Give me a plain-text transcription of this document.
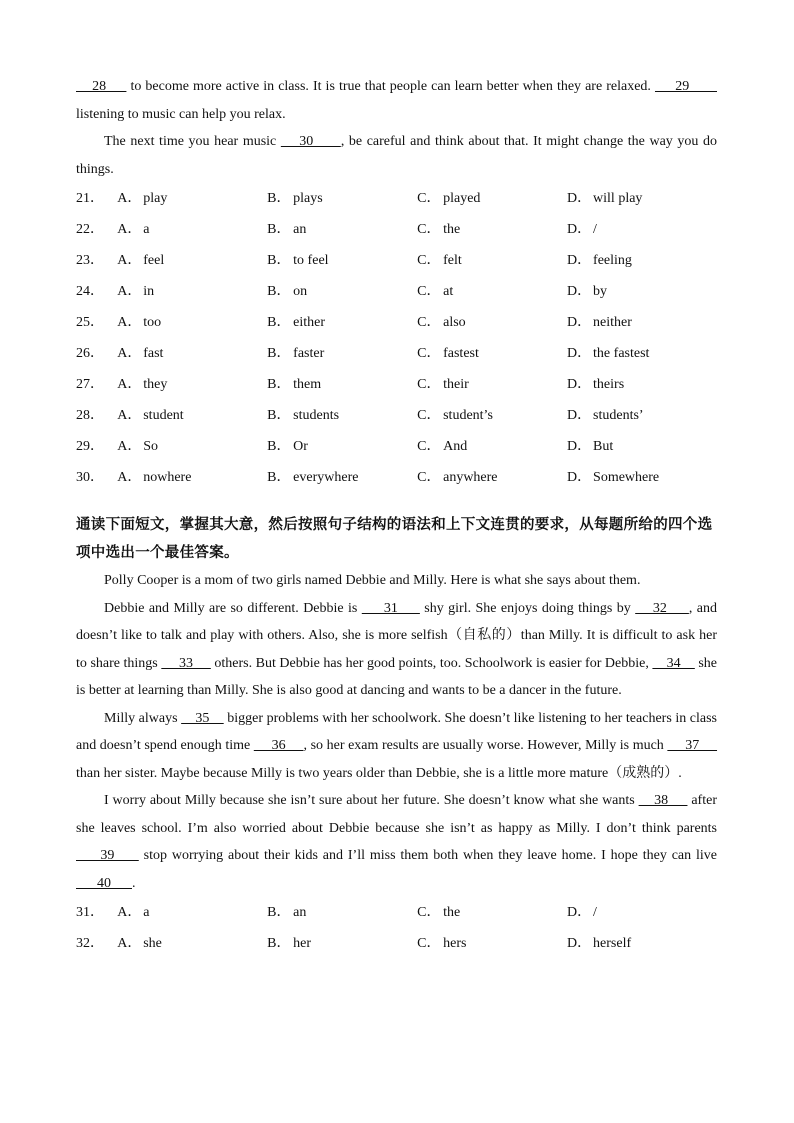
28      to become more active in class. It is true that people can learn better when they are relaxed.      29        listening to music can help you relax.

The next time you hear music     30      , be careful and think about that. It might change the way you do things.

21． A． play	B． plays	C． played	D． will play
22． A． a	B． an	C． the	D． /
23． A． feel	B． to feel	C． felt	D． feeling
24． A． in	B． on	C． at	D． by
25． A． too	B． either	C． also	D． neither
26． A． fast	B． faster	C． fastest	D． the fastest
27． A． they	B． them	C． their	D． theirs
28． A． student	B． students	C． student’s	D． students’
29． A． So	B． Or	C． And	D． But
30． A． nowhere	B． everywhere	C． anywhere	D． Somewhere

通读下面短文，掌握其大意，然后按照句子结构的语法和上下文连贯的要求，从每题所给的四个选项中选出一个最佳答案。

Polly Cooper is a mom of two girls named Debbie and Milly. Here is what she says about them.

Debbie and Milly are so different. Debbie is      31      shy girl. She enjoys doing things by     32     , and doesn’t like to talk and play with others. Also, she is more selfish（自私的）than Milly. It is difficult to ask her to share things      33      others. But Debbie has her good points, too. Schoolwork is easier for Debbie,     34     she is better at learning than Milly. She is also good at dancing and wants to be a dancer in the future.

Milly always     35     bigger problems with her schoolwork. She doesn’t like listening to her teachers in class and doesn’t spend enough time      36     , so her exam results are usually worse. However, Milly is much      37      than her sister. Maybe because Milly is two years older than Debbie, she is a little more mature（成熟的）.

I worry about Milly because she isn’t sure about her future. She doesn’t know what she wants     38      after she leaves school. I’m also worried about Debbie because she isn’t as happy as Milly. I don’t think parents      39      stop worrying about their kids and I’ll miss them both when they leave home. I hope they can live       40      .

31． A． a	B． an	C． the	D． /
32． A． she	B． her	C． hers	D． herself
